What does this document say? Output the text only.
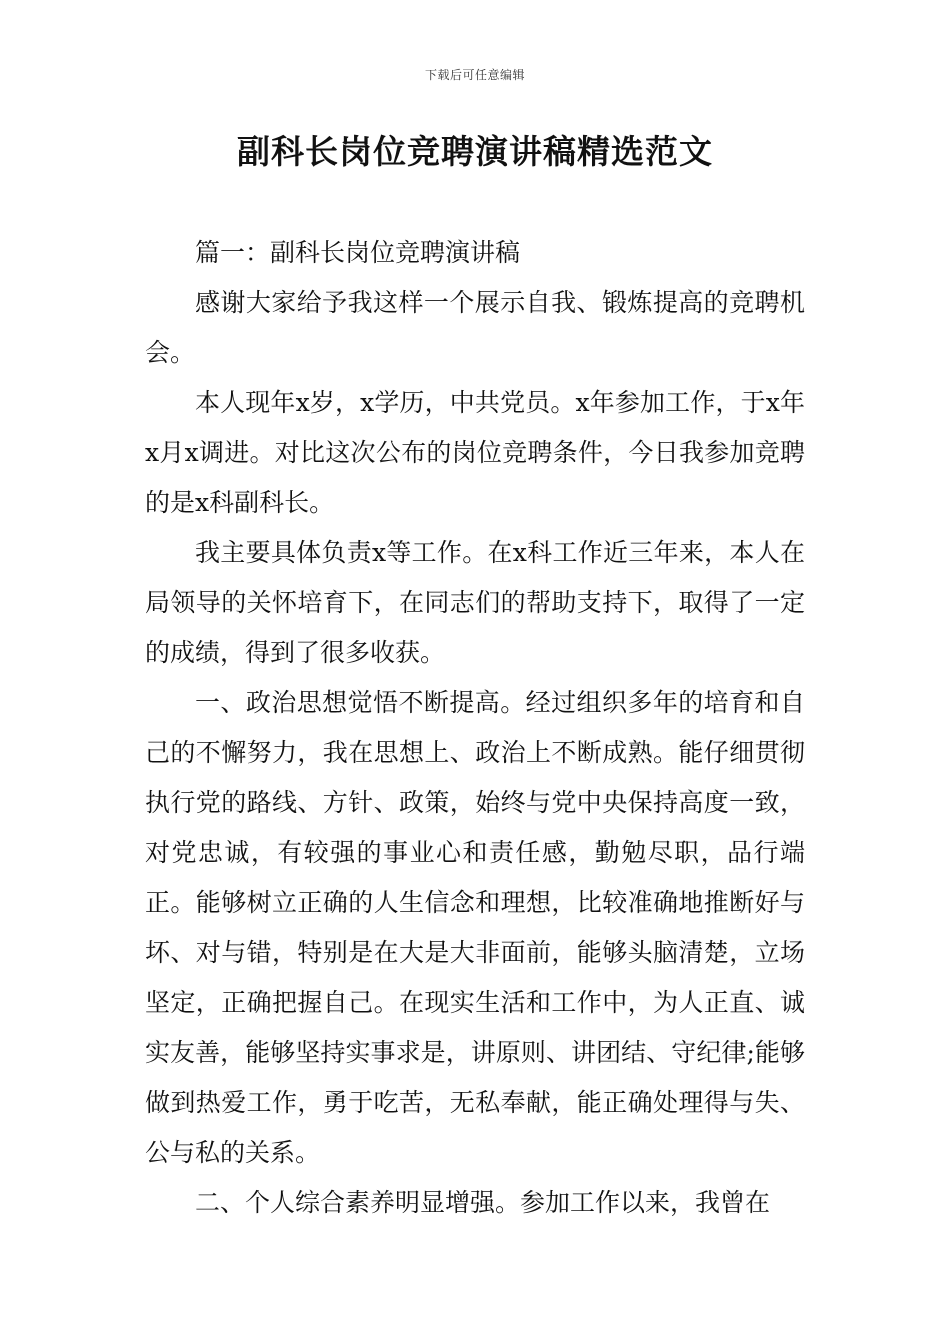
下载后可任意编辑
副科长岗位竞聘演讲稿精选范文

篇一：副科长岗位竞聘演讲稿

感谢大家给予我这样一个展示自我、锻炼提高的竞聘机会。

本人现年x岁，x学历，中共党员。x年参加工作，于x年x月x调进。对比这次公布的岗位竞聘条件，今日我参加竞聘的是x科副科长。

我主要具体负责x等工作。在x科工作近三年来，本人在局领导的关怀培育下，在同志们的帮助支持下，取得了一定的成绩，得到了很多收获。

一、政治思想觉悟不断提高。经过组织多年的培育和自己的不懈努力，我在思想上、政治上不断成熟。能仔细贯彻执行党的路线、方针、政策，始终与党中央保持高度一致，对党忠诚，有较强的事业心和责任感，勤勉尽职，品行端正。能够树立正确的人生信念和理想，比较准确地推断好与坏、对与错，特别是在大是大非面前，能够头脑清楚，立场坚定，正确把握自己。在现实生活和工作中，为人正直、诚实友善，能够坚持实事求是，讲原则、讲团结、守纪律;能够做到热爱工作，勇于吃苦，无私奉献，能正确处理得与失、公与私的关系。

二、个人综合素养明显增强。参加工作以来，我曾在
